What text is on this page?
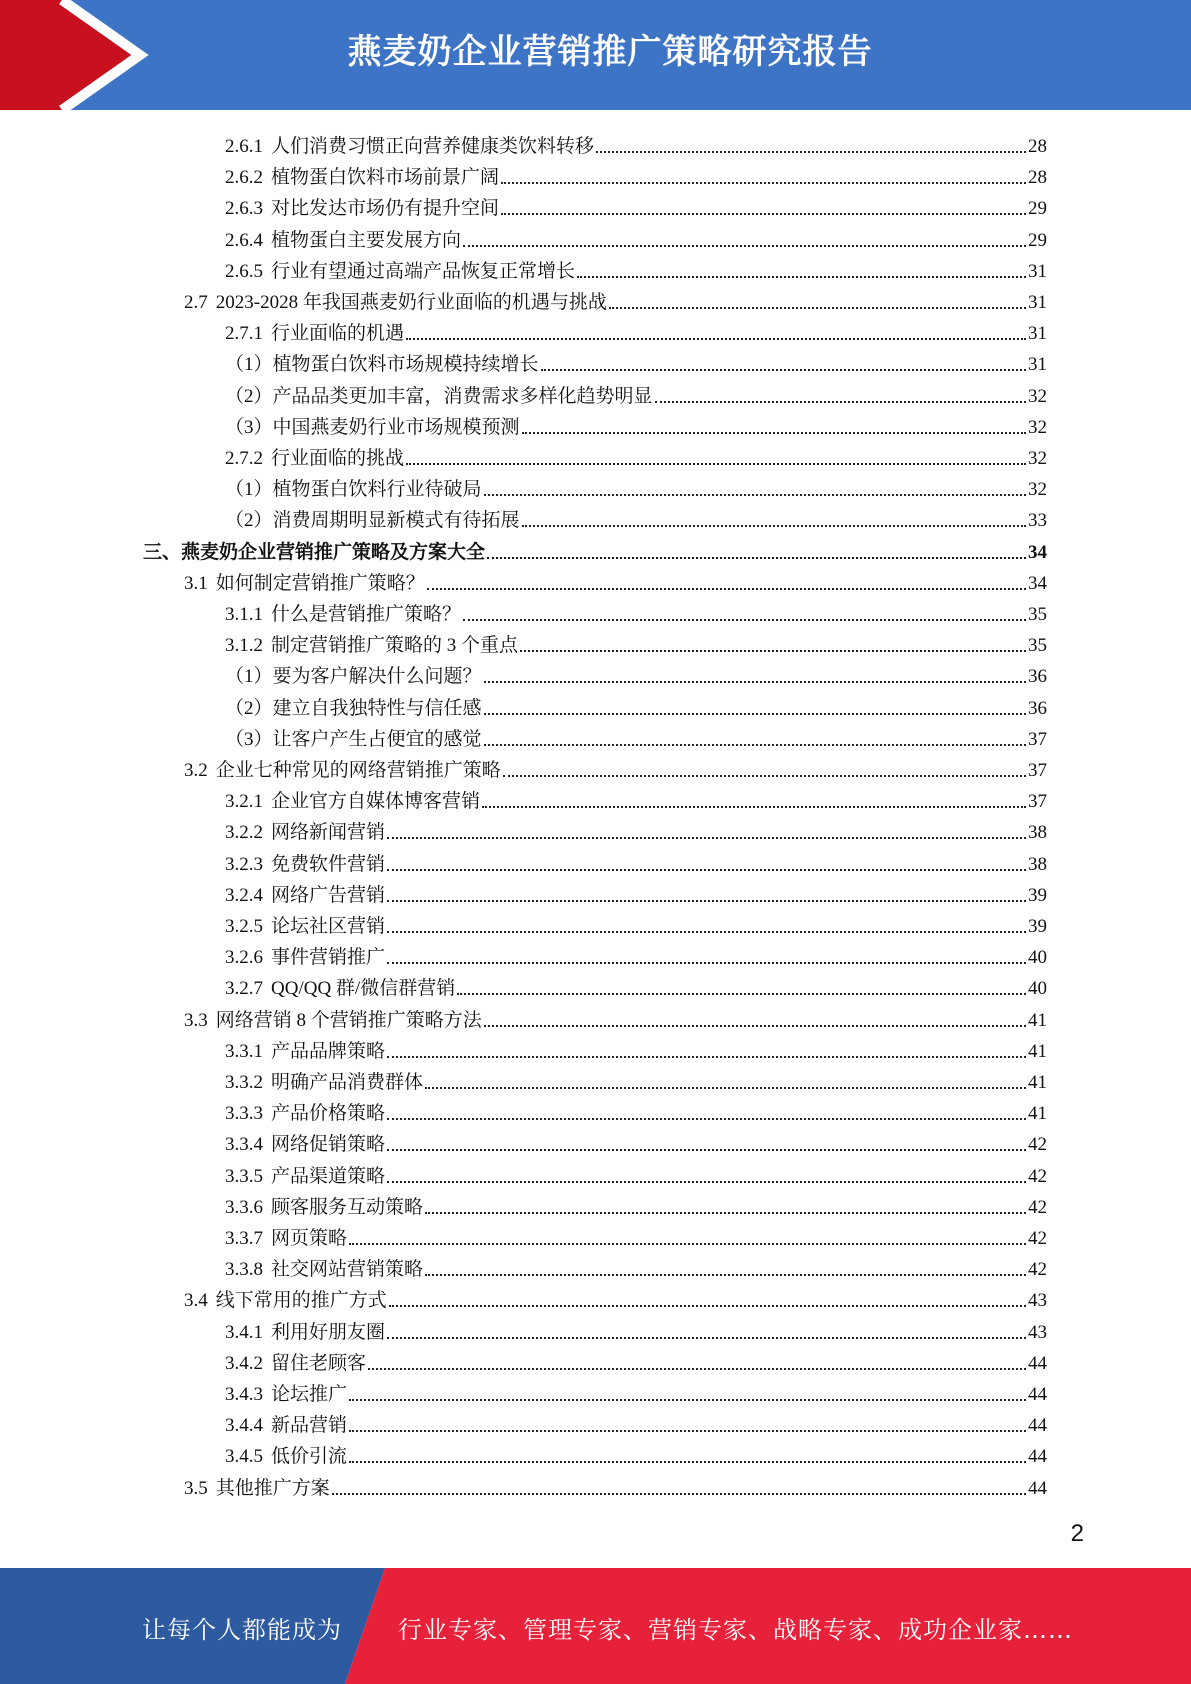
燕麦奶企业营销推广策略研究报告
2.6.1 人们消费习惯正向营养健康类饮料转移	28
2.6.2 植物蛋白饮料市场前景广阔	28
2.6.3 对比发达市场仍有提升空间	29
2.6.4 植物蛋白主要发展方向	29
2.6.5 行业有望通过高端产品恢复正常增长	31
2.7 2023-2028 年我国燕麦奶行业面临的机遇与挑战	31
2.7.1 行业面临的机遇	31
（1） 植物蛋白饮料市场规模持续增长	31
（2） 产品品类更加丰富，消费需求多样化趋势明显	32
（3） 中国燕麦奶行业市场规模预测	32
2.7.2 行业面临的挑战	32
（1） 植物蛋白饮料行业待破局	32
（2） 消费周期明显新模式有待拓展	33
三、 燕麦奶企业营销推广策略及方案大全	34
3.1 如何制定营销推广策略？	34
3.1.1 什么是营销推广策略？	35
3.1.2 制定营销推广策略的 3 个重点	35
（1） 要为客户解决什么问题？	36
（2） 建立自我独特性与信任感	36
（3） 让客户产生占便宜的感觉	37
3.2 企业七种常见的网络营销推广策略	37
3.2.1 企业官方自媒体博客营销	37
3.2.2 网络新闻营销	38
3.2.3 免费软件营销	38
3.2.4 网络广告营销	39
3.2.5 论坛社区营销	39
3.2.6 事件营销推广	40
3.2.7 QQ/QQ 群/微信群营销	40
3.3 网络营销 8 个营销推广策略方法	41
3.3.1 产品品牌策略	41
3.3.2 明确产品消费群体	41
3.3.3 产品价格策略	41
3.3.4 网络促销策略	42
3.3.5 产品渠道策略	42
3.3.6 顾客服务互动策略	42
3.3.7 网页策略	42
3.3.8 社交网站营销策略	42
3.4 线下常用的推广方式	43
3.4.1 利用好朋友圈	43
3.4.2 留住老顾客	44
3.4.3 论坛推广	44
3.4.4 新品营销	44
3.4.5 低价引流	44
3.5 其他推广方案	44
2
让每个人都能成为 行业专家、管理专家、营销专家、战略专家、成功企业家……
